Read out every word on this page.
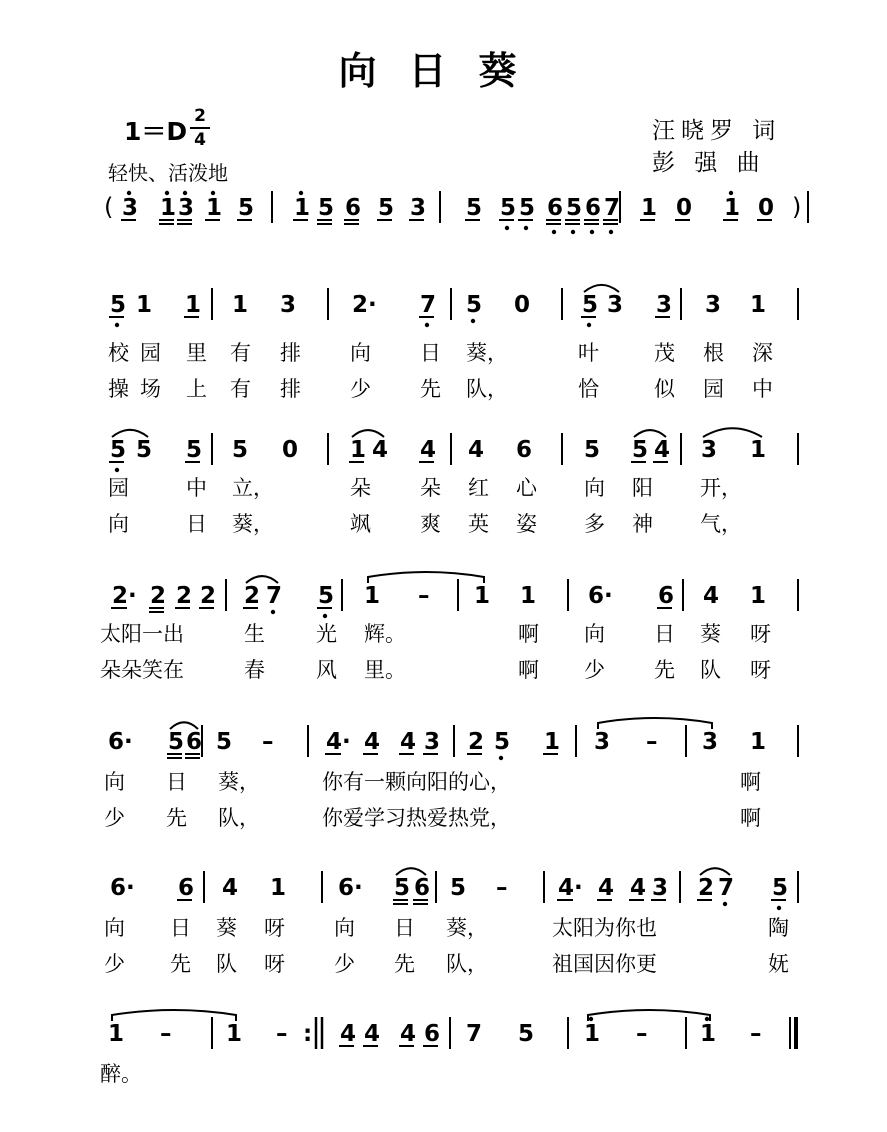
向日葵
1＝D
2
4
轻快、活泼地
汪晓罗 词
彭 强 曲
(	)
3 1 3 1 5 1 5 6 5 3 5 5 5 6 5 6 7 1 0 1 0
5 1 1 1 3 2· 7 5 0 5 3 3 3 1
校 园 里 有 排 向 日 葵，	叶	茂 根 深
操 场 上 有 排 少 先 队，	恰	似 园 中
5 5 5 5 0 1 4 4 4 6 5 5 4 3 1
园	中 立，	朵 朵 红 心 向 阳 开，
向	日 葵，	飒 爽 英 姿 多 神 气，
2· 2 2 2 2 7 5 1 – 1 1 6· 6 4 1
太阳一出	生 光 辉。	啊 向 日 葵 呀
朵朵笑在	春 风 里。	啊 少 先 队 呀
6· 5 6 5 – 4· 4 4 3 2 5 1 3 – 3 1
向 日 葵，	你有一颗向阳的心，	啊
少 先 队，	你爱学习热爱热党，	啊
6· 6 4 1 6· 5 6 5 – 4· 4 4 3 2 7 5
向 日 葵 呀 向 日 葵，	太阳为你也	陶
少 先 队 呀 少 先 队，	祖国因你更	妩
1 – 1 – : 4 4 4 6 7 5 1 – 1 –
醉。
